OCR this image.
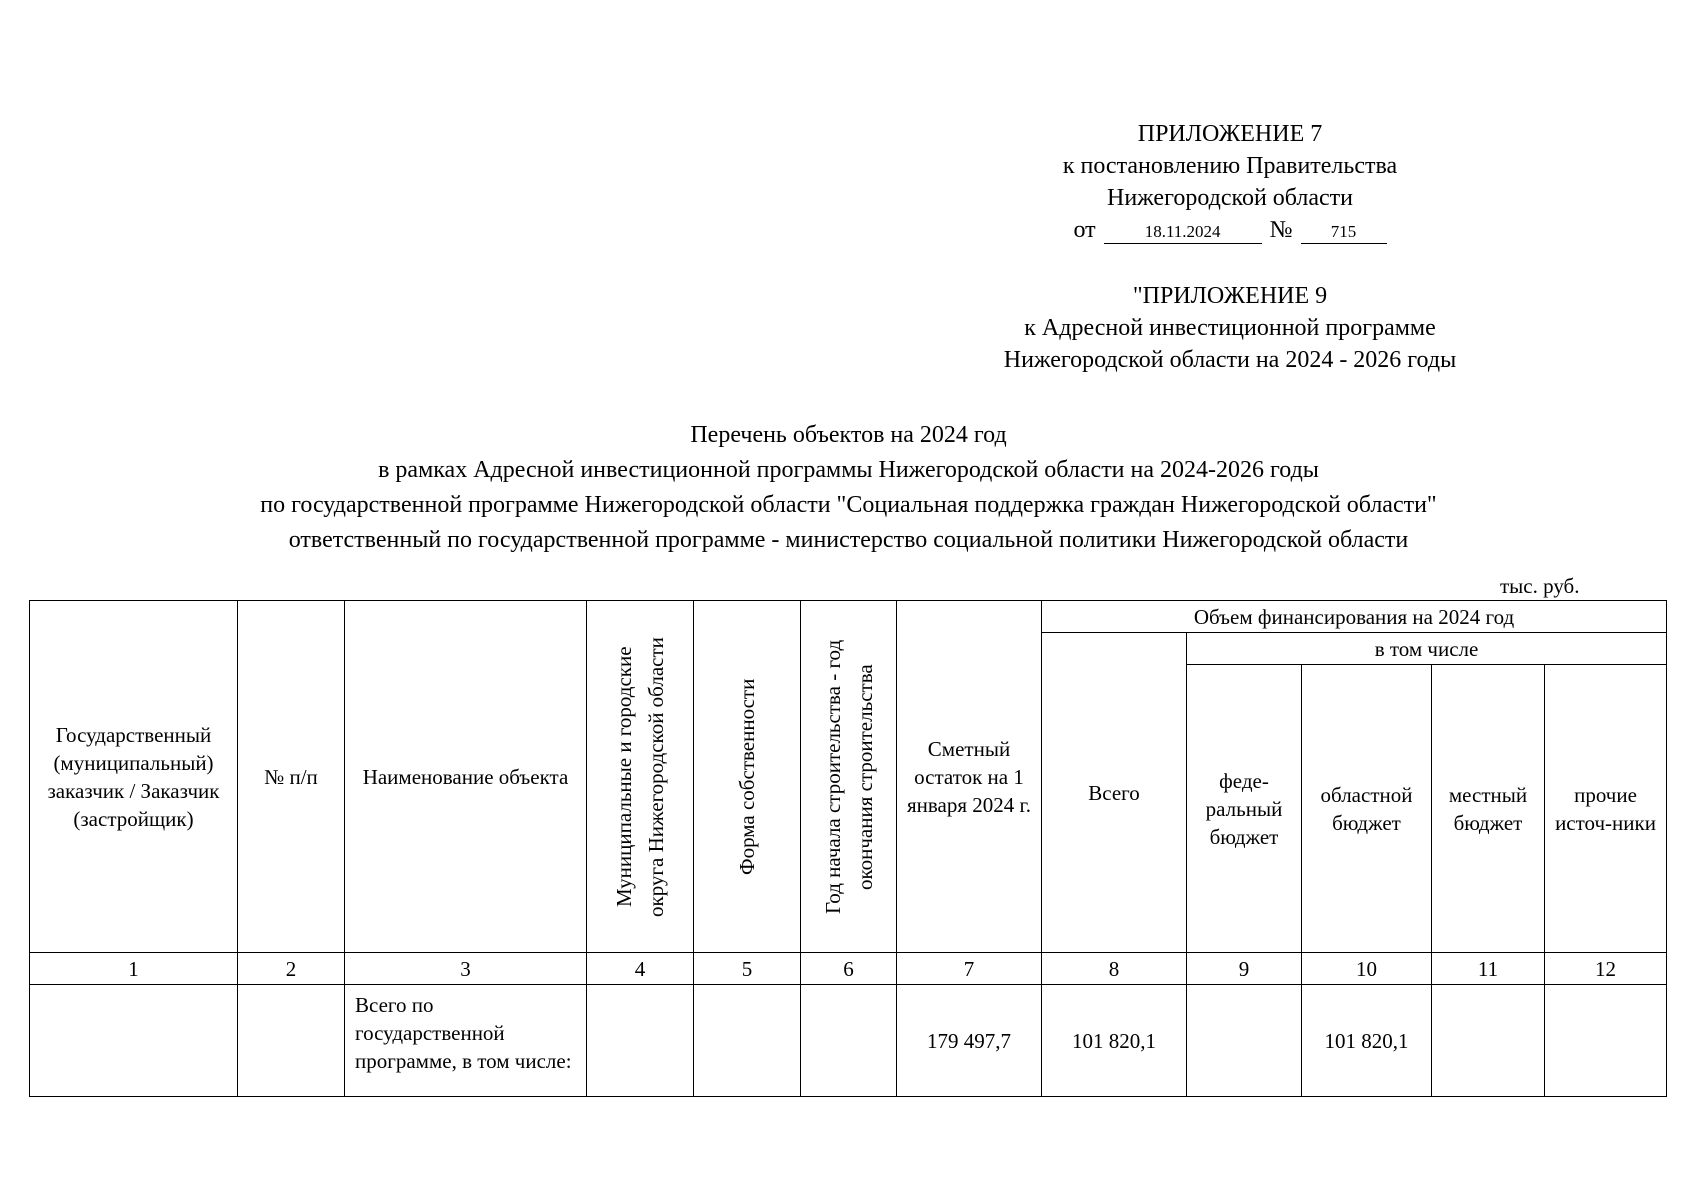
ПРИЛОЖЕНИЕ 7
к постановлению Правительства
Нижегородской области
от	18.11.2024	№	715
"ПРИЛОЖЕНИЕ 9
к Адресной инвестиционной программе
Нижегородской области на 2024 - 2026 годы
Перечень объектов на 2024 год
в рамках Адресной инвестиционной программы Нижегородской области на 2024-2026 годы
по государственной программе Нижегородской области "Социальная поддержка граждан Нижегородской области"
ответственный по государственной программе - министерство социальной политики Нижегородской области
тыс. руб.
Государственный (муниципальный) заказчик / Заказчик (застройщик)	№ п/п	Наименование объекта	Муниципальные и городские округа Нижегородской области	Форма собственности	Год начала строительства - год окончания строительства	Сметный остаток на 1 января 2024 г.	Объем финансирования на 2024 год				
							Всего	в том числе			
								феде-ральный бюджет	областной бюджет	местный бюджет	прочие источ-ники
1	2	3	4	5	6	7	8	9	10	11	12
		Всего по государственной программе, в том числе:				179 497,7	101 820,1		101 820,1		
